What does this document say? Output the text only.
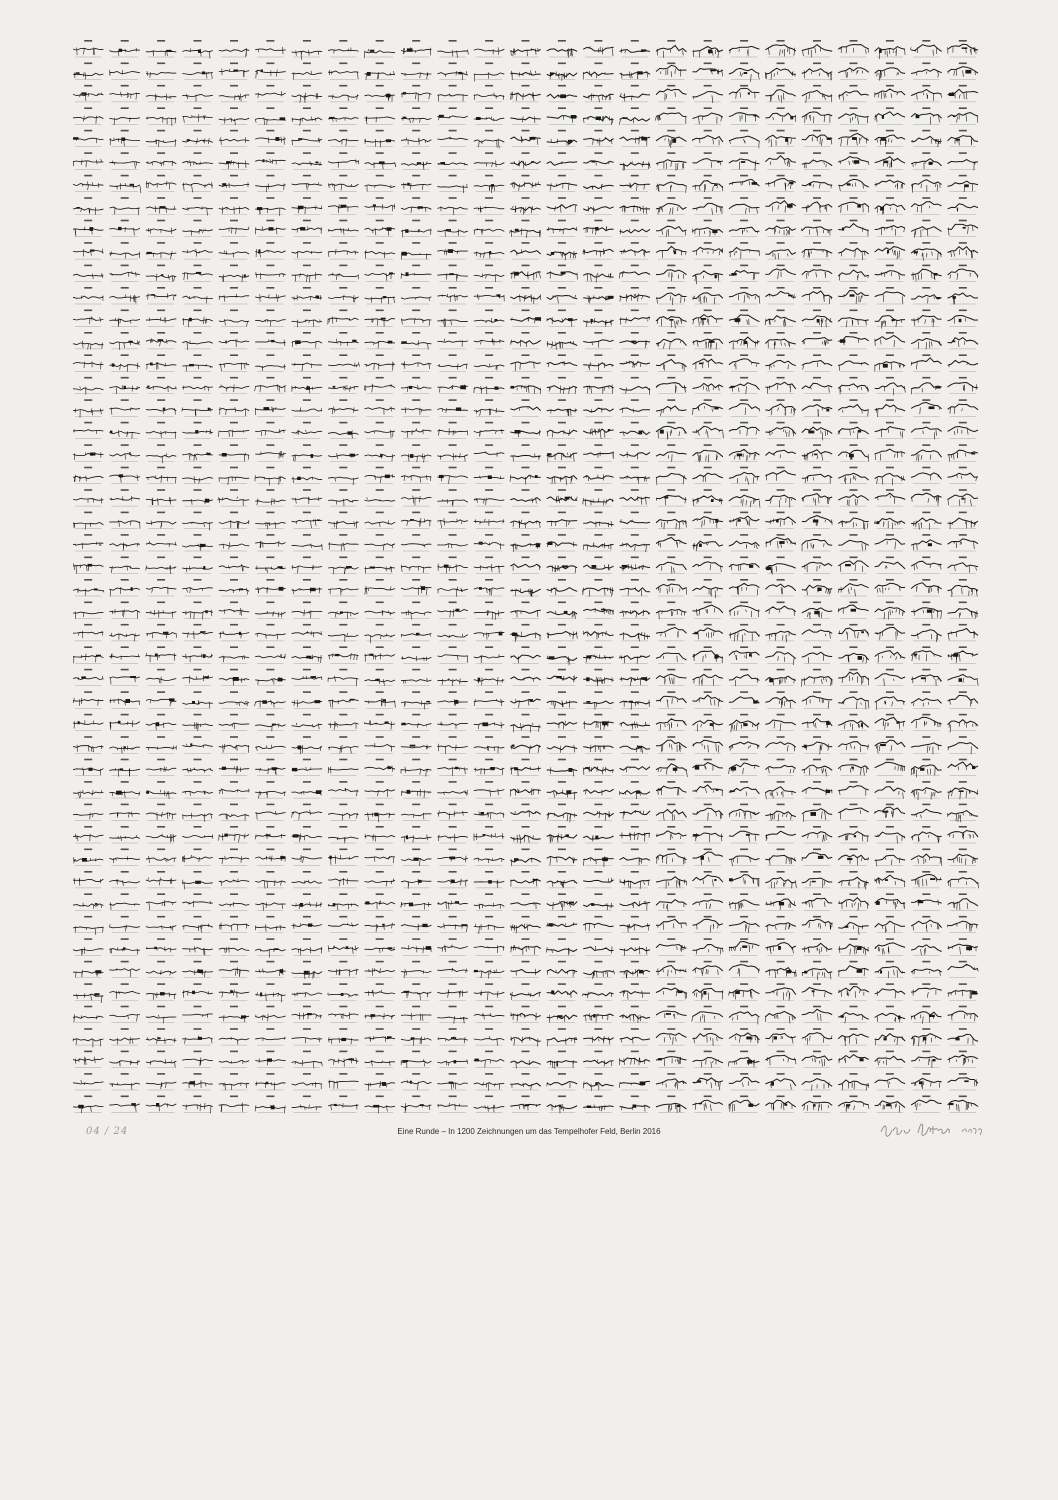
04 / 24	Eine Runde – In 1200 Zeichnungen um das Tempelhofer Feld, Berlin 2016
